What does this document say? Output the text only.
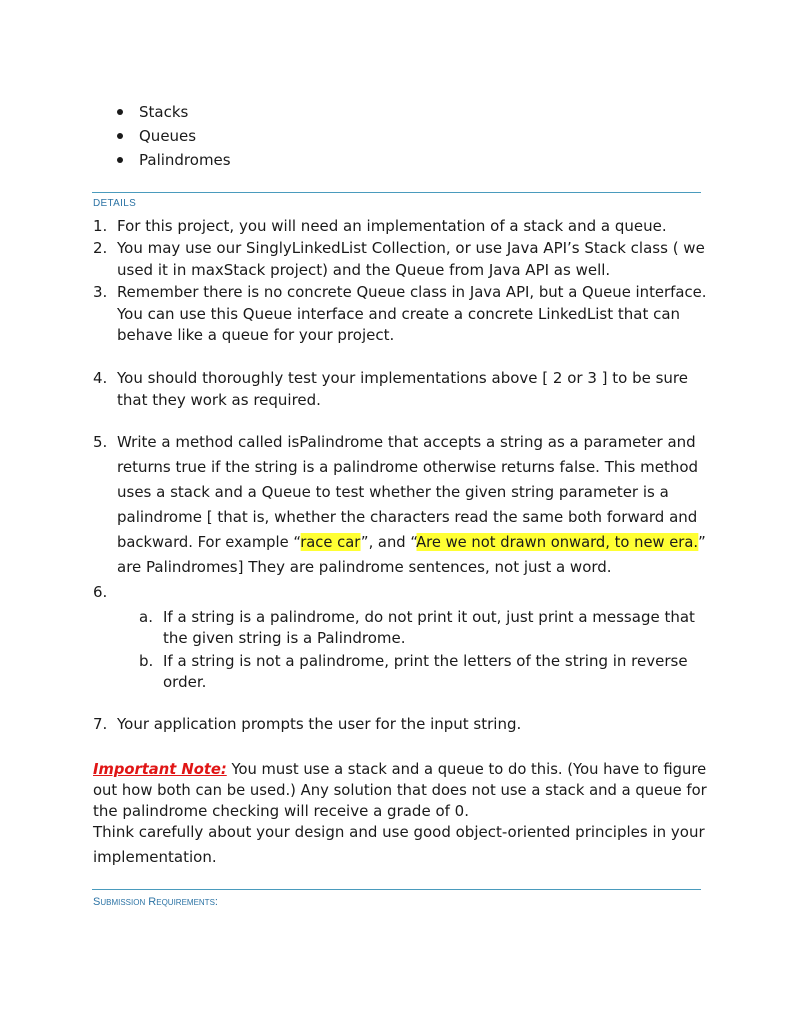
Stacks
Queues
Palindromes
DETAILS
1. For this project, you will need an implementation of a stack and a queue.
2. You may use our SinglyLinkedList Collection, or use Java API’s Stack class ( we
used it in maxStack project) and the Queue from Java API as well.
3. Remember there is no concrete Queue class in Java API, but a Queue interface.
You can use this Queue interface and create a concrete LinkedList that can
behave like a queue for your project.
4. You should thoroughly test your implementations above [ 2 or 3 ] to be sure
that they work as required.
5. Write a method called isPalindrome that accepts a string as a parameter and
returns true if the string is a palindrome otherwise returns false. This method
uses a stack and a Queue to test whether the given string parameter is a
palindrome [ that is, whether the characters read the same both forward and
backward. For example “race car”, and “Are we not drawn onward, to new era.”
are Palindromes] They are palindrome sentences, not just a word.
6.
a. If a string is a palindrome, do not print it out, just print a message that
the given string is a Palindrome.
b. If a string is not a palindrome, print the letters of the string in reverse
order.
7. Your application prompts the user for the input string.
Important Note: You must use a stack and a queue to do this. (You have to figure
out how both can be used.) Any solution that does not use a stack and a queue for
the palindrome checking will receive a grade of 0.
Think carefully about your design and use good object-oriented principles in your
implementation.
Submission Requirements:
